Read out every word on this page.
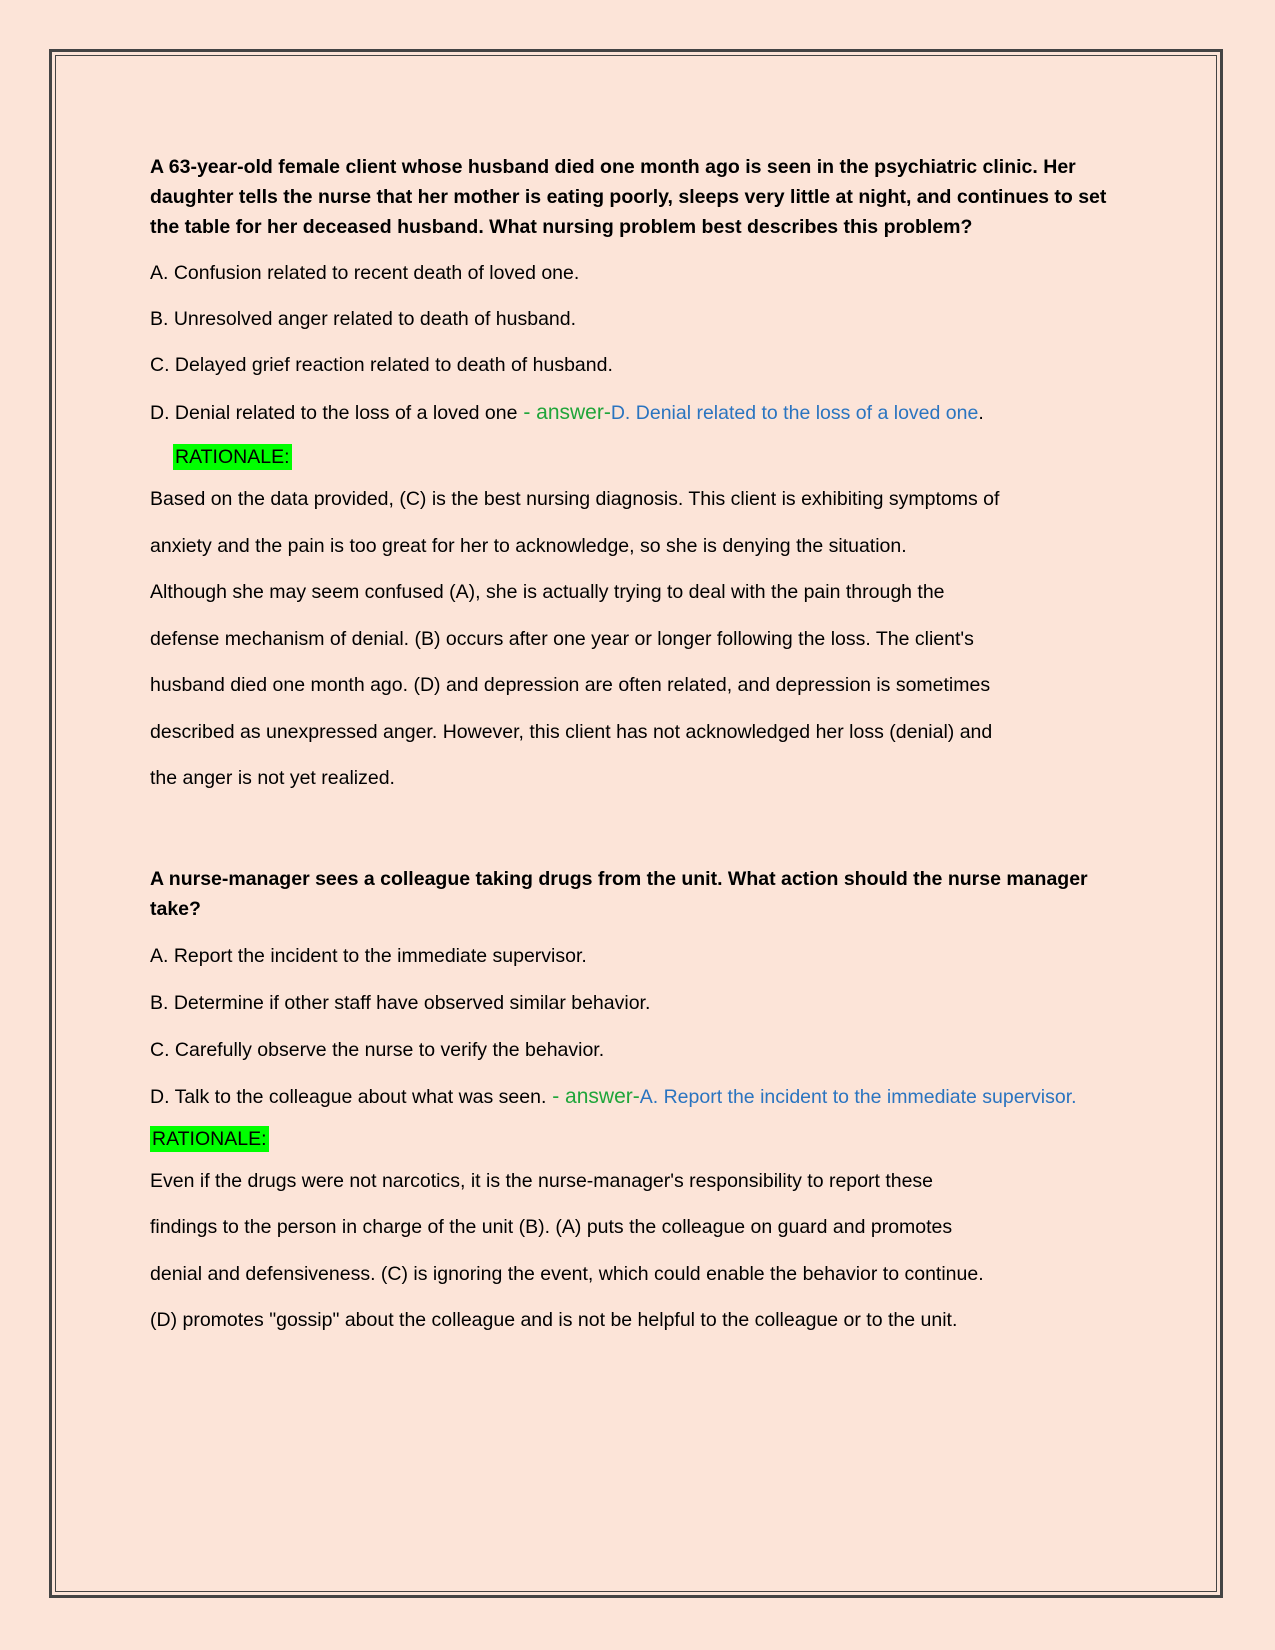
A 63-year-old female client whose husband died one month ago is seen in the psychiatric clinic. Her daughter tells the nurse that her mother is eating poorly, sleeps very little at night, and continues to set the table for her deceased husband. What nursing problem best describes this problem?

A. Confusion related to recent death of loved one.

B. Unresolved anger related to death of husband.

C. Delayed grief reaction related to death of husband.

D. Denial related to the loss of a loved one - answer-D. Denial related to the loss of a loved one.

RATIONALE:

Based on the data provided, (C) is the best nursing diagnosis. This client is exhibiting symptoms of

anxiety and the pain is too great for her to acknowledge, so she is denying the situation.

Although she may seem confused (A), she is actually trying to deal with the pain through the

defense mechanism of denial. (B) occurs after one year or longer following the loss. The client's

husband died one month ago. (D) and depression are often related, and depression is sometimes

described as unexpressed anger. However, this client has not acknowledged her loss (denial) and

the anger is not yet realized.

A nurse-manager sees a colleague taking drugs from the unit. What action should the nurse manager take?

A. Report the incident to the immediate supervisor.

B. Determine if other staff have observed similar behavior.

C. Carefully observe the nurse to verify the behavior.

D. Talk to the colleague about what was seen. - answer-A. Report the incident to the immediate supervisor.

RATIONALE:

Even if the drugs were not narcotics, it is the nurse-manager's responsibility to report these

findings to the person in charge of the unit (B). (A) puts the colleague on guard and promotes

denial and defensiveness. (C) is ignoring the event, which could enable the behavior to continue.

(D) promotes "gossip" about the colleague and is not be helpful to the colleague or to the unit.
